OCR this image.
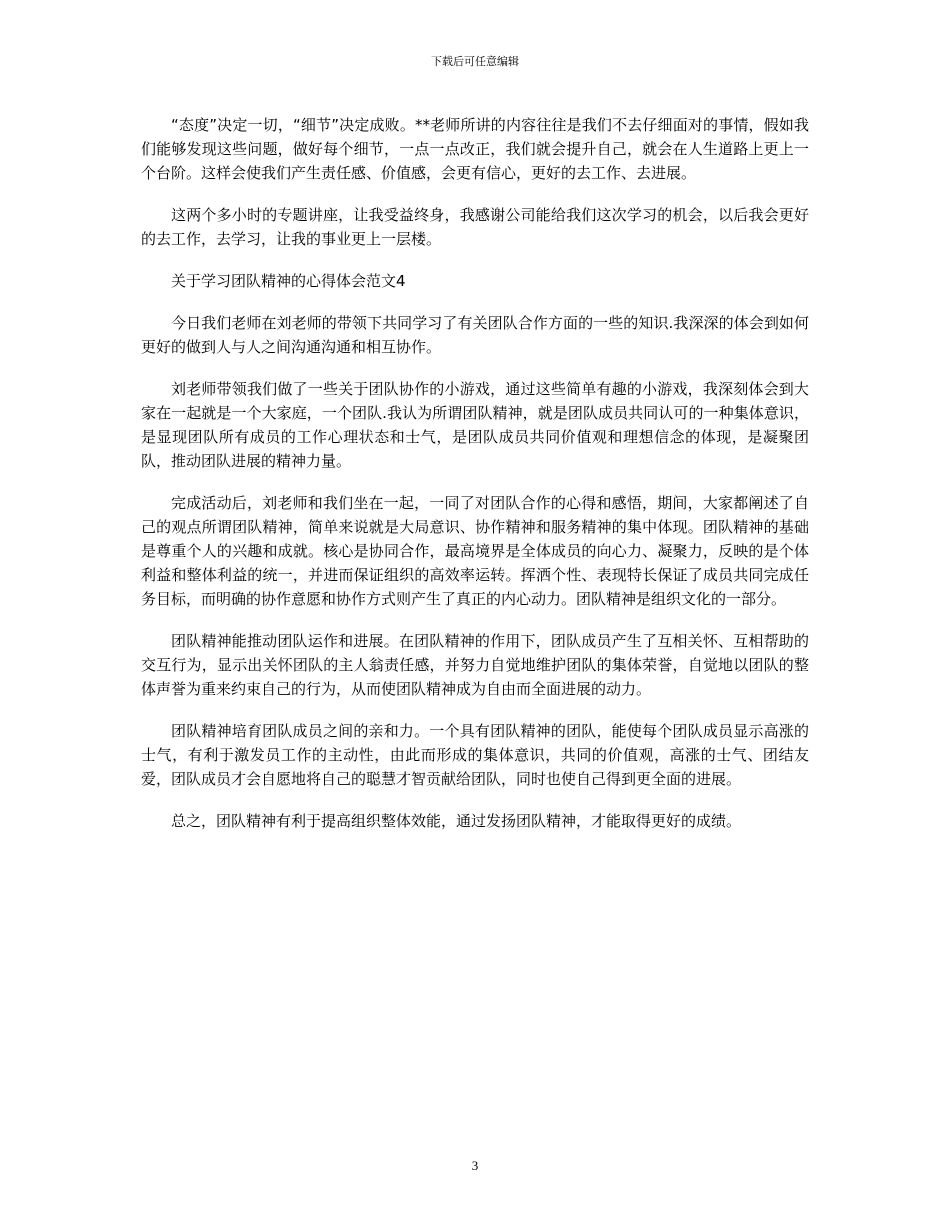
下载后可任意编辑

“态度”决定一切，“细节”决定成败。**老师所讲的内容往往是我们不去仔细面对的事情，假如我们能够发现这些问题，做好每个细节，一点一点改正，我们就会提升自己，就会在人生道路上更上一个台阶。这样会使我们产生责任感、价值感，会更有信心，更好的去工作、去进展。

这两个多小时的专题讲座，让我受益终身，我感谢公司能给我们这次学习的机会，以后我会更好的去工作，去学习，让我的事业更上一层楼。

关于学习团队精神的心得体会范文4

今日我们老师在刘老师的带领下共同学习了有关团队合作方面的一些的知识.我深深的体会到如何更好的做到人与人之间沟通沟通和相互协作。

刘老师带领我们做了一些关于团队协作的小游戏，通过这些简单有趣的小游戏，我深刻体会到大家在一起就是一个大家庭，一个团队.我认为所谓团队精神，就是团队成员共同认可的一种集体意识，是显现团队所有成员的工作心理状态和士气，是团队成员共同价值观和理想信念的体现，是凝聚团队，推动团队进展的精神力量。

完成活动后，刘老师和我们坐在一起，一同了对团队合作的心得和感悟，期间，大家都阐述了自己的观点所谓团队精神，简单来说就是大局意识、协作精神和服务精神的集中体现。团队精神的基础是尊重个人的兴趣和成就。核心是协同合作，最高境界是全体成员的向心力、凝聚力，反映的是个体利益和整体利益的统一，并进而保证组织的高效率运转。挥洒个性、表现特长保证了成员共同完成任务目标，而明确的协作意愿和协作方式则产生了真正的内心动力。团队精神是组织文化的一部分。

团队精神能推动团队运作和进展。在团队精神的作用下，团队成员产生了互相关怀、互相帮助的交互行为，显示出关怀团队的主人翁责任感，并努力自觉地维护团队的集体荣誉，自觉地以团队的整体声誉为重来约束自己的行为，从而使团队精神成为自由而全面进展的动力。

团队精神培育团队成员之间的亲和力。一个具有团队精神的团队，能使每个团队成员显示高涨的士气，有利于激发员工作的主动性，由此而形成的集体意识，共同的价值观，高涨的士气、团结友爱，团队成员才会自愿地将自己的聪慧才智贡献给团队，同时也使自己得到更全面的进展。

总之，团队精神有利于提高组织整体效能，通过发扬团队精神，才能取得更好的成绩。

3
